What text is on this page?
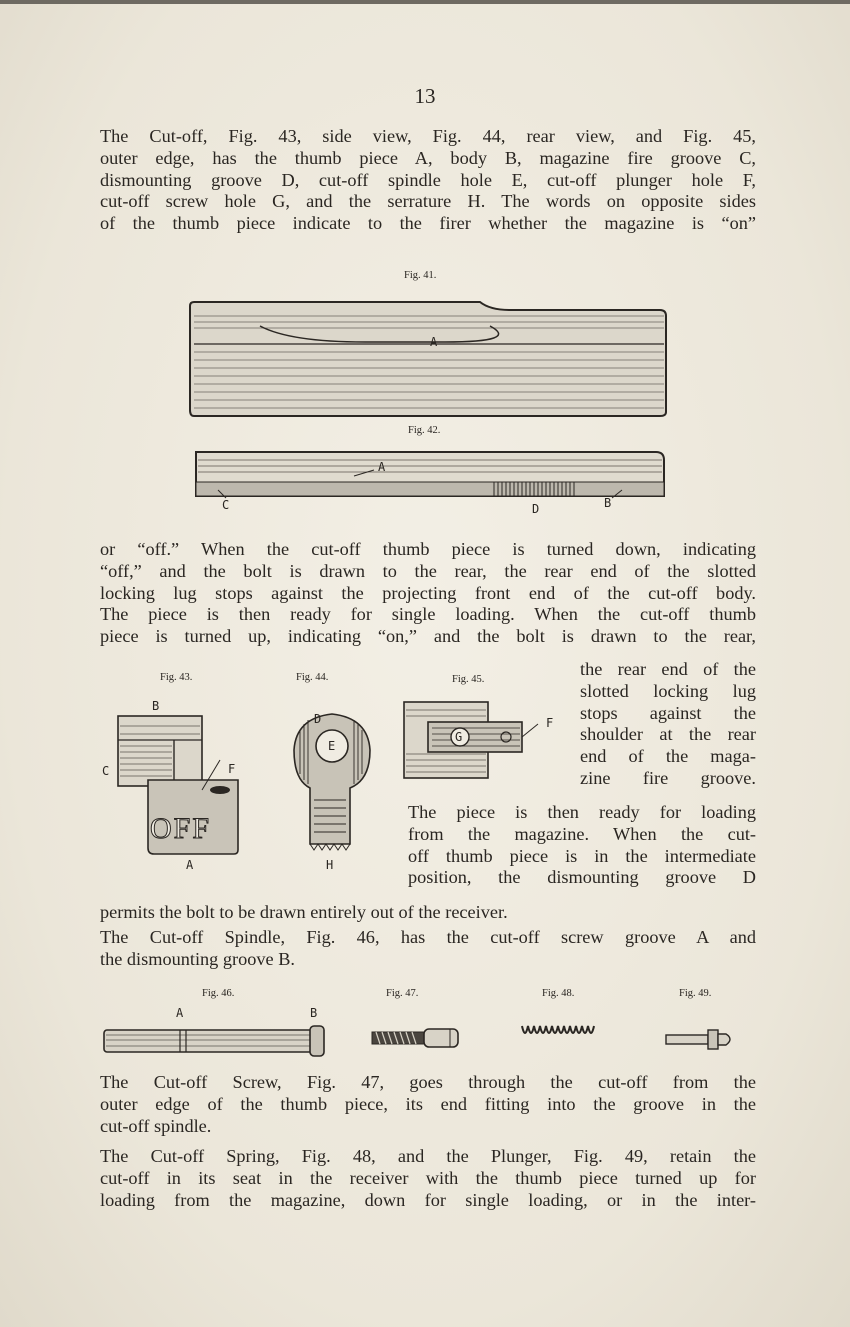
13
The Cut-off, Fig. 43, side view, Fig. 44, rear view, and Fig. 45,
outer edge, has the thumb piece A, body B, magazine fire groove C,
dismounting groove D, cut-off spindle hole E, cut-off plunger hole F,
cut-off screw hole G, and the serrature H. The words on opposite sides
of the thumb piece indicate to the firer whether the magazine is “on”
Fig. 41.
A
Fig. 42.
A
C	D	B
or “off.” When the cut-off thumb piece is turned down, indicating
“off,” and the bolt is drawn to the rear, the rear end of the slotted
locking lug stops against the projecting front end of the cut-off body.
The piece is then ready for single loading. When the cut-off thumb
piece is turned up, indicating “on,” and the bolt is drawn to the rear,
the rear end of the
slotted locking lug
stops against the
shoulder at the rear
end of the maga-
zine fire groove.
The piece is then ready for loading
from the magazine. When the cut-
off thumb piece is in the intermediate
position, the dismounting groove D
permits the bolt to be drawn entirely out of the receiver.
Fig. 43.
B
C	F
A
OFF
Fig. 44.
D
E
H
Fig. 45.
G
F
The Cut-off Spindle, Fig. 46, has the cut-off screw groove A and
the dismounting groove B.
Fig. 46.	Fig. 47.	Fig. 48.	Fig. 49.
A	B
The Cut-off Screw, Fig. 47, goes through the cut-off from the
outer edge of the thumb piece, its end fitting into the groove in the
cut-off spindle.
The Cut-off Spring, Fig. 48, and the Plunger, Fig. 49, retain the
cut-off in its seat in the receiver with the thumb piece turned up for
loading from the magazine, down for single loading, or in the inter-
